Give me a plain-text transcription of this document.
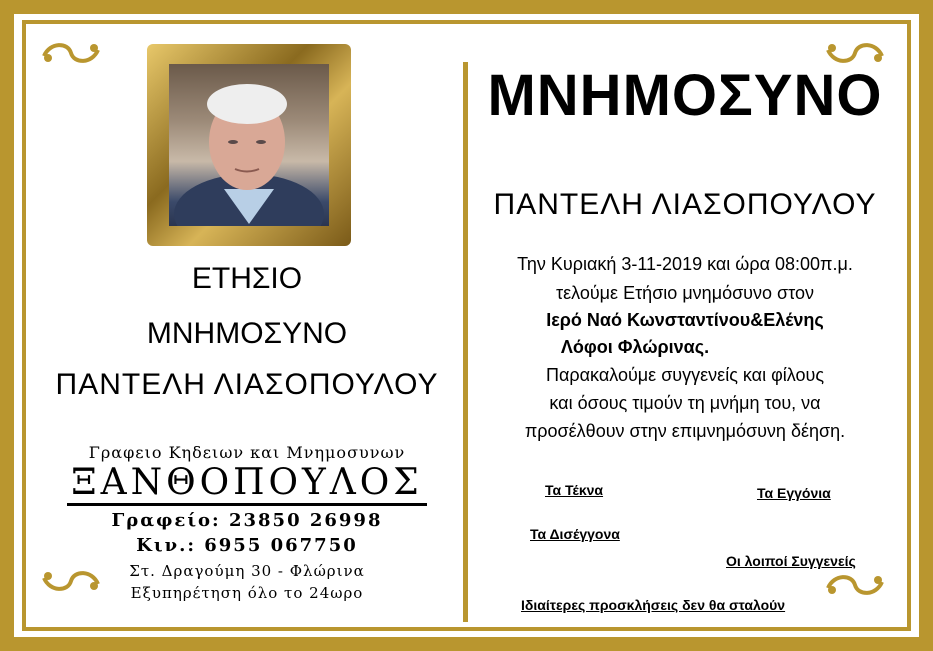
ΕΤΗΣΙΟ
ΜΝΗΜΟΣΥΝΟ
ΠΑΝΤΕΛΗ ΛΙΑΣΟΠΟΥΛΟΥ
Γραφειο Κηδειων και Μνημοσυνων
ΞΑΝΘΟΠΟΥΛΟΣ
Γραφείο: 23850 26998
Κιν.: 6955 067750
Στ. Δραγούμη 30 - Φλώρινα
Εξυπηρέτηση όλο το 24ωρο
ΜΝΗΜΟΣΥΝΟ
ΠΑΝΤΕΛΗ ΛΙΑΣΟΠΟΥΛΟΥ
Την Κυριακή 3-11-2019 και ώρα 08:00π.μ.
τελούμε Ετήσιο μνημόσυνο στον
Ιερό Ναό Κωνσταντίνου&Ελένης
Λόφοι Φλώρινας.
Παρακαλούμε συγγενείς και φίλους
και όσους τιμούν τη μνήμη του, να
προσέλθουν στην επιμνημόσυνη δέηση.
Τα Τέκνα	Τα Εγγόνια
Τα Δισέγγονα
Οι λοιποί Συγγενείς
Ιδιαίτερες προσκλήσεις δεν θα σταλούν
